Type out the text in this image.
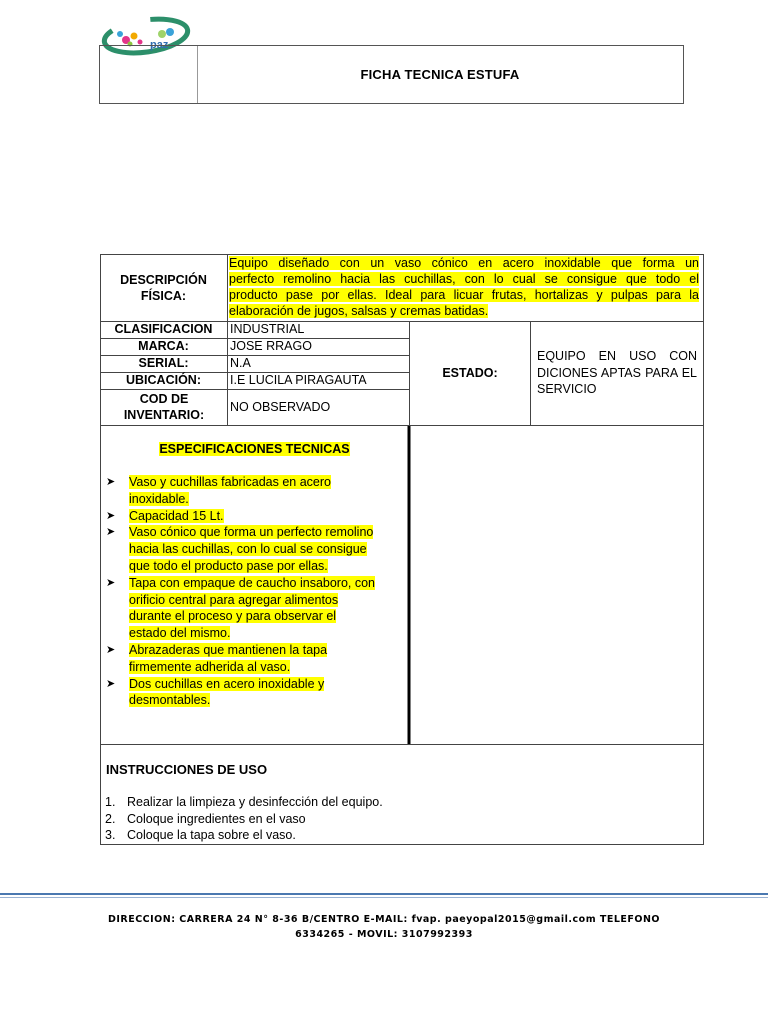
paz
FICHA TECNICA ESTUFA
DESCRIPCIÓN FÍSICA:
Equipo diseñado con un vaso cónico en acero inoxidable que forma un
perfecto remolino hacia las cuchillas, con lo cual se consigue que todo el
producto pase por ellas. Ideal para licuar frutas, hortalizas y pulpas para la
elaboración de jugos, salsas y cremas batidas.
CLASIFICACION	INDUSTRIAL
MARCA:	JOSE RRAGO
SERIAL:	N.A
UBICACIÓN:	I.E LUCILA PIRAGAUTA
COD DE INVENTARIO:
NO OBSERVADO
ESTADO:
EQUIPO EN USO CON DICIONES APTAS PARA EL SERVICIO
ESPECIFICACIONES TECNICAS
➤ Vaso y cuchillas fabricadas en acero
inoxidable.
➤ Capacidad 15 Lt.
➤ Vaso cónico que forma un perfecto remolino
hacia las cuchillas, con lo cual se consigue
que todo el producto pase por ellas.
➤ Tapa con empaque de caucho insaboro, con
orificio central para agregar alimentos
durante el proceso y para observar el
estado del mismo.
➤ Abrazaderas que mantienen la tapa
firmemente adherida al vaso.
➤ Dos cuchillas en acero inoxidable y
desmontables.
INSTRUCCIONES DE USO
1. Realizar la limpieza y desinfección del equipo.
2. Coloque ingredientes en el vaso
3. Coloque la tapa sobre el vaso.
DIRECCION: CARRERA 24 N° 8-36 B/CENTRO E-MAIL: fvap. paeyopal2015@gmail.com TELEFONO
6334265 - MOVIL: 3107992393
